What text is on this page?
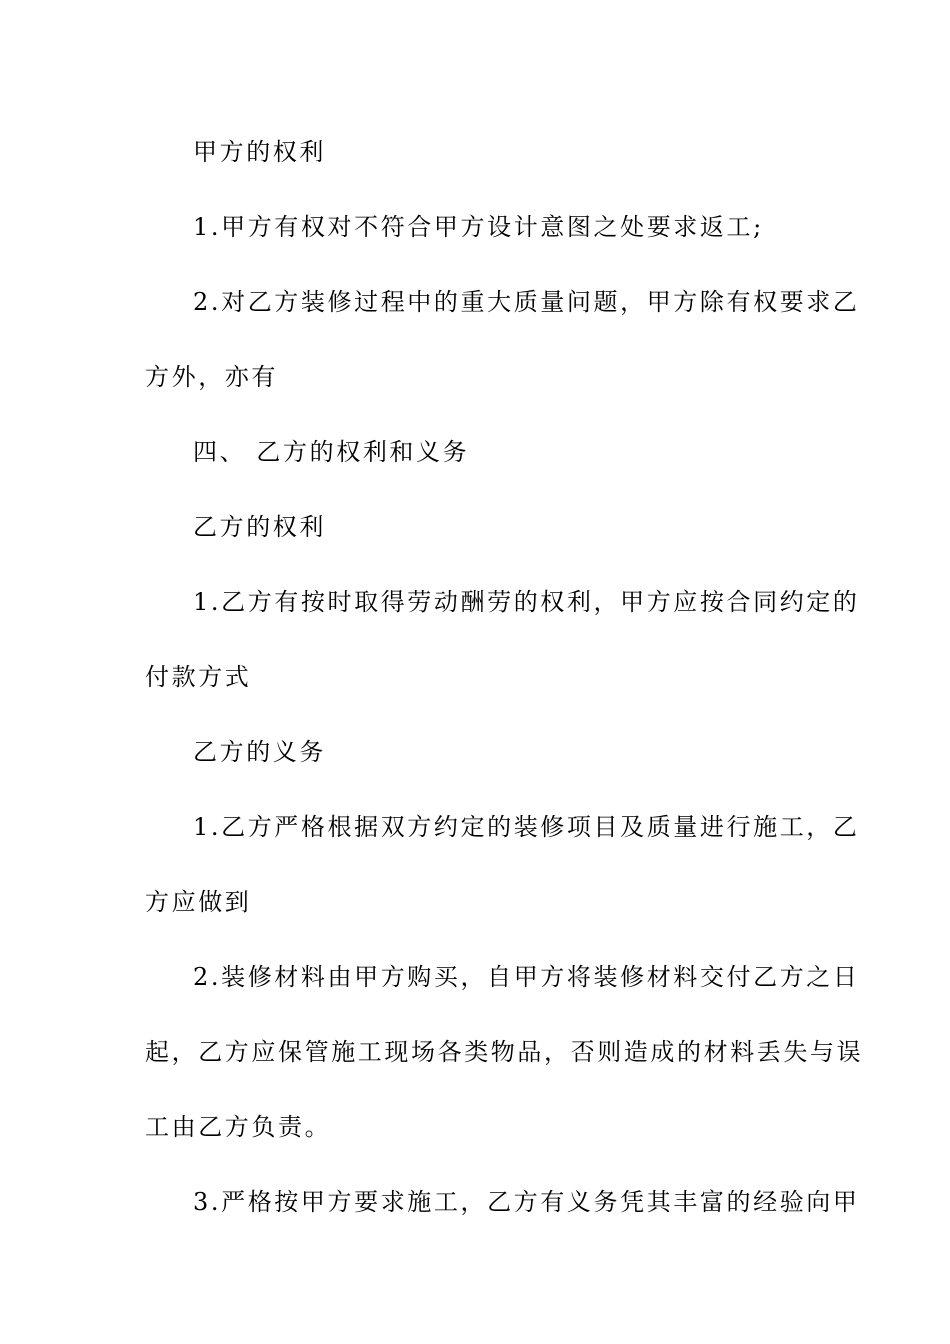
甲方的权利
1.甲方有权对不符合甲方设计意图之处要求返工;
2.对乙方装修过程中的重大质量问题，甲方除有权要求乙
方外，亦有
四、 乙方的权利和义务
乙方的权利
1.乙方有按时取得劳动酬劳的权利，甲方应按合同约定的
付款方式
乙方的义务
1.乙方严格根据双方约定的装修项目及质量进行施工，乙
方应做到
2.装修材料由甲方购买，自甲方将装修材料交付乙方之日
起，乙方应保管施工现场各类物品，否则造成的材料丢失与误
工由乙方负责。
3.严格按甲方要求施工，乙方有义务凭其丰富的经验向甲
